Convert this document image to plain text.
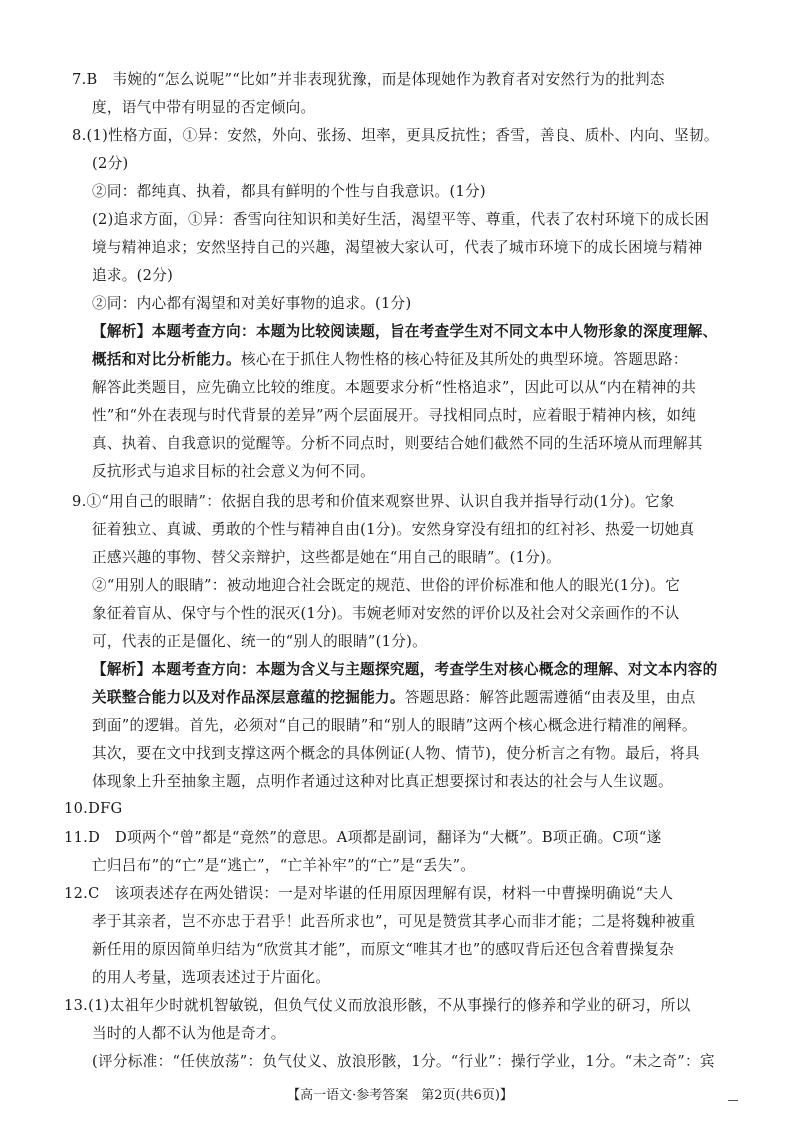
7.B　韦婉的“怎么说呢”“比如”并非表现犹豫，而是体现她作为教育者对安然行为的批判态
度，语气中带有明显的否定倾向。
8.(1)性格方面，①异：安然，外向、张扬、坦率，更具反抗性；香雪，善良、质朴、内向、坚韧。
(2分)
②同：都纯真、执着，都具有鲜明的个性与自我意识。(1分)
(2)追求方面，①异：香雪向往知识和美好生活，渴望平等、尊重，代表了农村环境下的成长困
境与精神追求；安然坚持自己的兴趣，渴望被大家认可，代表了城市环境下的成长困境与精神
追求。(2分)
②同：内心都有渴望和对美好事物的追求。(1分)
【解析】本题考查方向：本题为比较阅读题，旨在考查学生对不同文本中人物形象的深度理解、
概括和对比分析能力。核心在于抓住人物性格的核心特征及其所处的典型环境。答题思路：
解答此类题目，应先确立比较的维度。本题要求分析“性格追求”，因此可以从“内在精神的共
性”和“外在表现与时代背景的差异”两个层面展开。寻找相同点时，应着眼于精神内核，如纯
真、执着、自我意识的觉醒等。分析不同点时，则要结合她们截然不同的生活环境从而理解其
反抗形式与追求目标的社会意义为何不同。
9.①“用自己的眼睛”：依据自我的思考和价值来观察世界、认识自我并指导行动(1分)。它象
征着独立、真诚、勇敢的个性与精神自由(1分)。安然身穿没有纽扣的红衬衫、热爱一切她真
正感兴趣的事物、替父亲辩护，这些都是她在“用自己的眼睛”。(1分)。
②“用别人的眼睛”：被动地迎合社会既定的规范、世俗的评价标准和他人的眼光(1分)。它
象征着盲从、保守与个性的泯灭(1分)。韦婉老师对安然的评价以及社会对父亲画作的不认
可，代表的正是僵化、统一的“别人的眼睛”(1分)。
【解析】本题考查方向：本题为含义与主题探究题，考查学生对核心概念的理解、对文本内容的
关联整合能力以及对作品深层意蕴的挖掘能力。答题思路：解答此题需遵循“由表及里，由点
到面”的逻辑。首先，必须对“自己的眼睛”和“别人的眼睛”这两个核心概念进行精准的阐释。
其次，要在文中找到支撑这两个概念的具体例证(人物、情节)，使分析言之有物。最后，将具
体现象上升至抽象主题，点明作者通过这种对比真正想要探讨和表达的社会与人生议题。
10.DFG
11.D　D项两个“曾”都是“竟然”的意思。A项都是副词，翻译为“大概”。B项正确。C项“遂
亡归吕布”的“亡”是“逃亡”，“亡羊补牢”的“亡”是“丢失”。
12.C　该项表述存在两处错误：一是对毕谌的任用原因理解有误，材料一中曹操明确说“夫人
孝于其亲者，岂不亦忠于君乎！此吾所求也”，可见是赞赏其孝心而非才能；二是将魏种被重
新任用的原因简单归结为“欣赏其才能”，而原文“唯其才也”的感叹背后还包含着曹操复杂
的用人考量，选项表述过于片面化。
13.(1)太祖年少时就机智敏锐，但负气仗义而放浪形骸，不从事操行的修养和学业的研习，所以
当时的人都不认为他是奇才。
(评分标准：“任侠放荡”：负气仗义、放浪形骸，1分。“行业”：操行学业，1分。“未之奇”：宾
【高一语文·参考答案　第2页(共6页)】
